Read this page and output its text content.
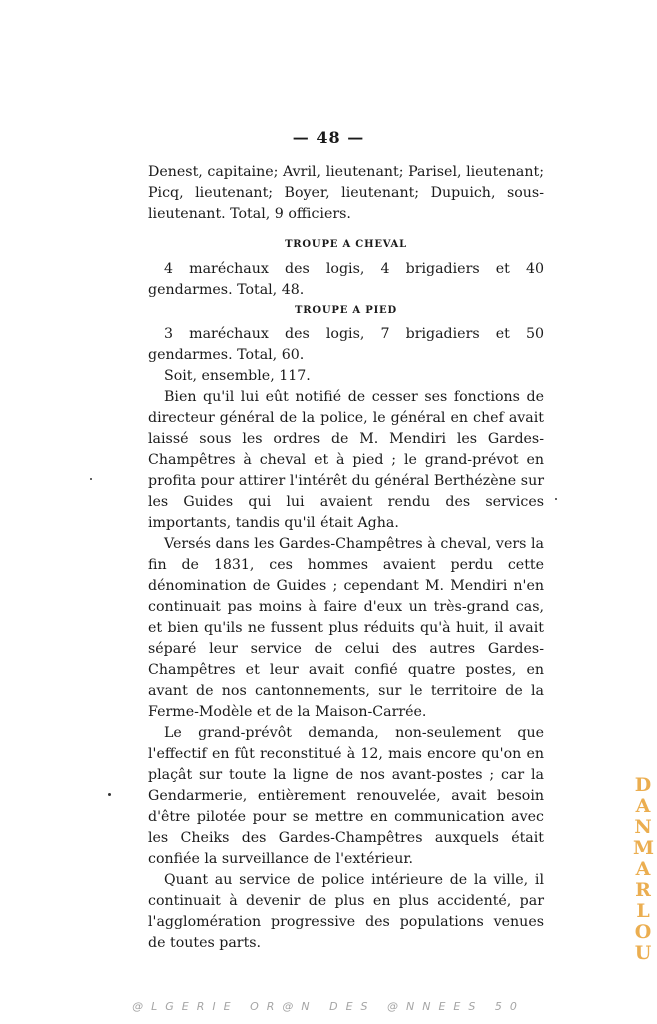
— 48 —

Denest, capitaine; Avril, lieutenant; Parisel, lieutenant; Picq, lieutenant; Boyer, lieutenant; Dupuich, sous-lieutenant. Total, 9 officiers.

TROUPE A CHEVAL

4 maréchaux des logis, 4 brigadiers et 40 gendarmes. Total, 48.

TROUPE A PIED

3 maréchaux des logis, 7 brigadiers et 50 gendarmes. Total, 60.

Soit, ensemble, 117.

Bien qu'il lui eût notifié de cesser ses fonctions de directeur général de la police, le général en chef avait laissé sous les ordres de M. Mendiri les Gardes-Champêtres à cheval et à pied ; le grand-prévot en profita pour attirer l'intérêt du général Berthézène sur les Guides qui lui avaient rendu des services importants, tandis qu'il était Agha.

Versés dans les Gardes-Champêtres à cheval, vers la fin de 1831, ces hommes avaient perdu cette dénomination de Guides ; cependant M. Mendiri n'en continuait pas moins à faire d'eux un très-grand cas, et bien qu'ils ne fussent plus réduits qu'à huit, il avait séparé leur service de celui des autres Gardes-Champêtres et leur avait confié quatre postes, en avant de nos cantonnements, sur le territoire de la Ferme-Modèle et de la Maison-Carrée.

Le grand-prévôt demanda, non-seulement que l'effectif en fût reconstitué à 12, mais encore qu'on en plaçât sur toute la ligne de nos avant-postes ; car la Gendarmerie, entièrement renouvelée, avait besoin d'être pilotée pour se mettre en communication avec les Cheiks des Gardes-Champêtres auxquels était confiée la surveillance de l'extérieur.

Quant au service de police intérieure de la ville, il continuait à devenir de plus en plus accidenté, par l'agglomération progressive des populations venues de toutes parts.

DANMARLOU
@LGERIE OR@N DES @NNEES 50
